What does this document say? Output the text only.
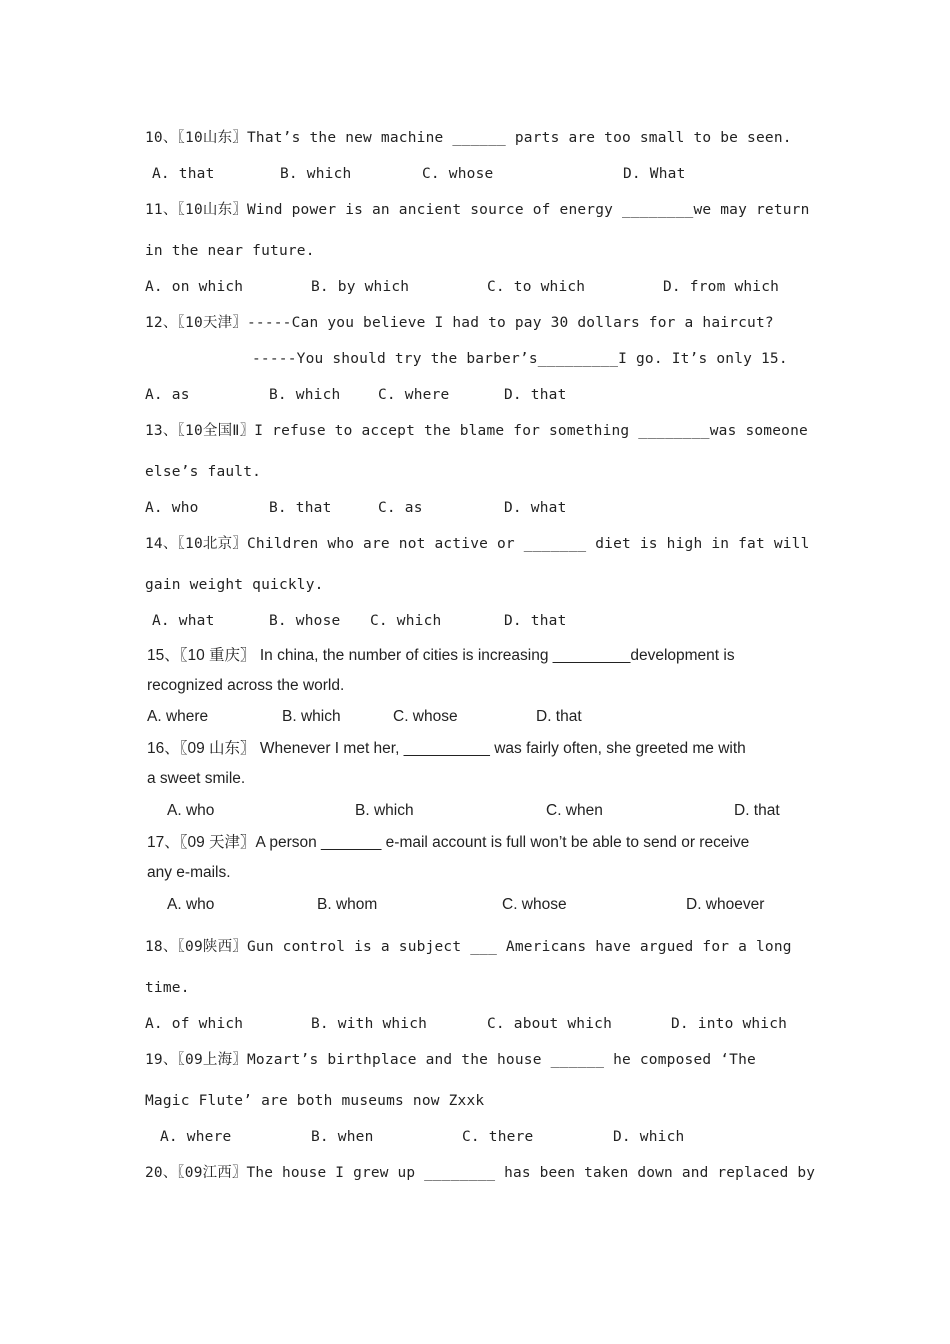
10、〖10山东〗That’s the new machine ______ parts are too small to be seen.
A. that	B. which	C. whose	D. What
11、〖10山东〗Wind power is an ancient source of energy ________we may return
in the near future.
A. on which	B. by which	C. to which	D. from which
12、〖10天津〗-----Can you believe I had to pay 30 dollars for a haircut?
-----You should try the barber’s_________I go. It’s only 15.
A. as	B. which	C. where	D. that
13、〖10全国Ⅱ〗I refuse to accept the blame for something ________was someone
else’s fault.
A. who	B. that	C. as	D. what
14、〖10北京〗Children who are not active or _______ diet is high in fat will
gain weight quickly.
A. what	B. whose C. which	D. that
15、〖10 重庆〗 In china, the number of cities is increasing _________development is
recognized across the world.
A. where	B. which	C. whose	D. that
16、〖09 山东〗 Whenever I met her, __________ was fairly often, she greeted me with
a sweet smile.
A. who	B. which	C. when	D. that
17、〖09 天津〗A person _______ e-mail account is full won’t be able to send or receive
any e-mails.
A. who	B. whom	C. whose	D. whoever
18、〖09陕西〗Gun control is a subject ___ Americans have argued for a long
time.
A. of which	B. with which	C. about which	D. into which
19、〖09上海〗Mozart’s birthplace and the house ______ he composed ‘The
Magic Flute’ are both museums now Zxxk
A. where	B. when	C. there	D. which
20、〖09江西〗The house I grew up ________ has been taken down and replaced by
